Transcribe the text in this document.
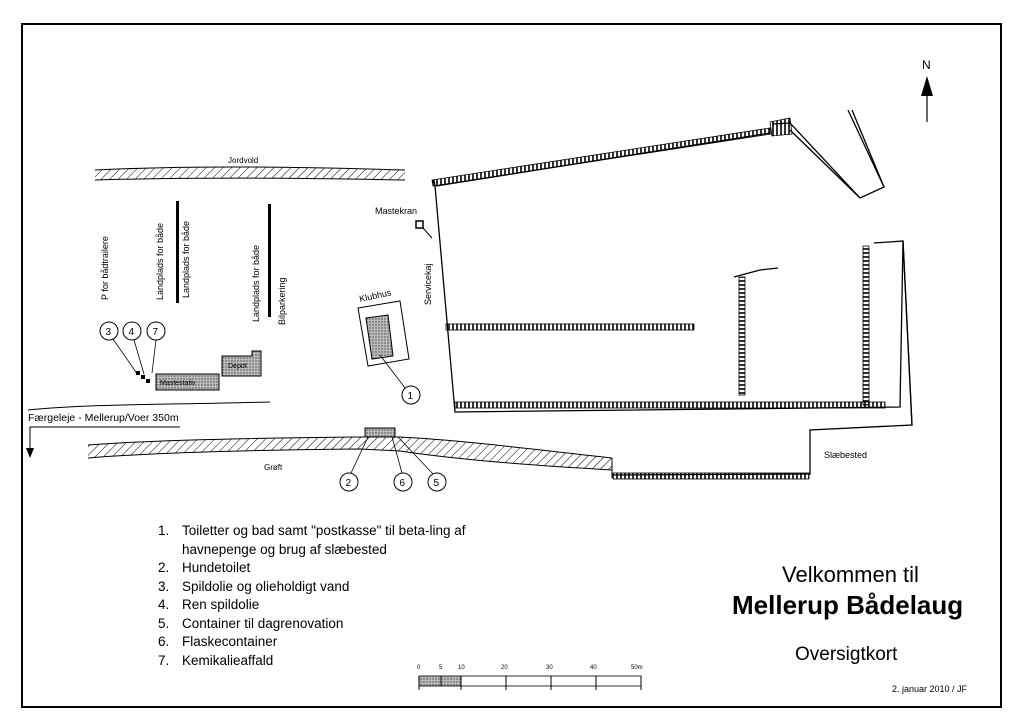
N
Jordvold
P for bådtrailere	Landplads for både Landplads for både	Landplads for både Bilparkering	Servicekaj
3 4 7
Mastestativ
Depot
Mastekran
Klubhus
1
Færgeleje - Mellerup/Voer 350m
Grøft
2	6	5
Slæbested
0	5	10	20	30	40	50m
1. Toiletter og bad samt "postkasse" til beta-ling af havnepenge og brug af slæbested
2. Hundetoilet
3. Spildolie og olieholdigt vand
4. Ren spildolie
5. Container til dagrenovation
6. Flaskecontainer
7. Kemikalieaffald
Velkommen til
Mellerup Bådelaug
Oversigtkort
2. januar 2010 / JF
